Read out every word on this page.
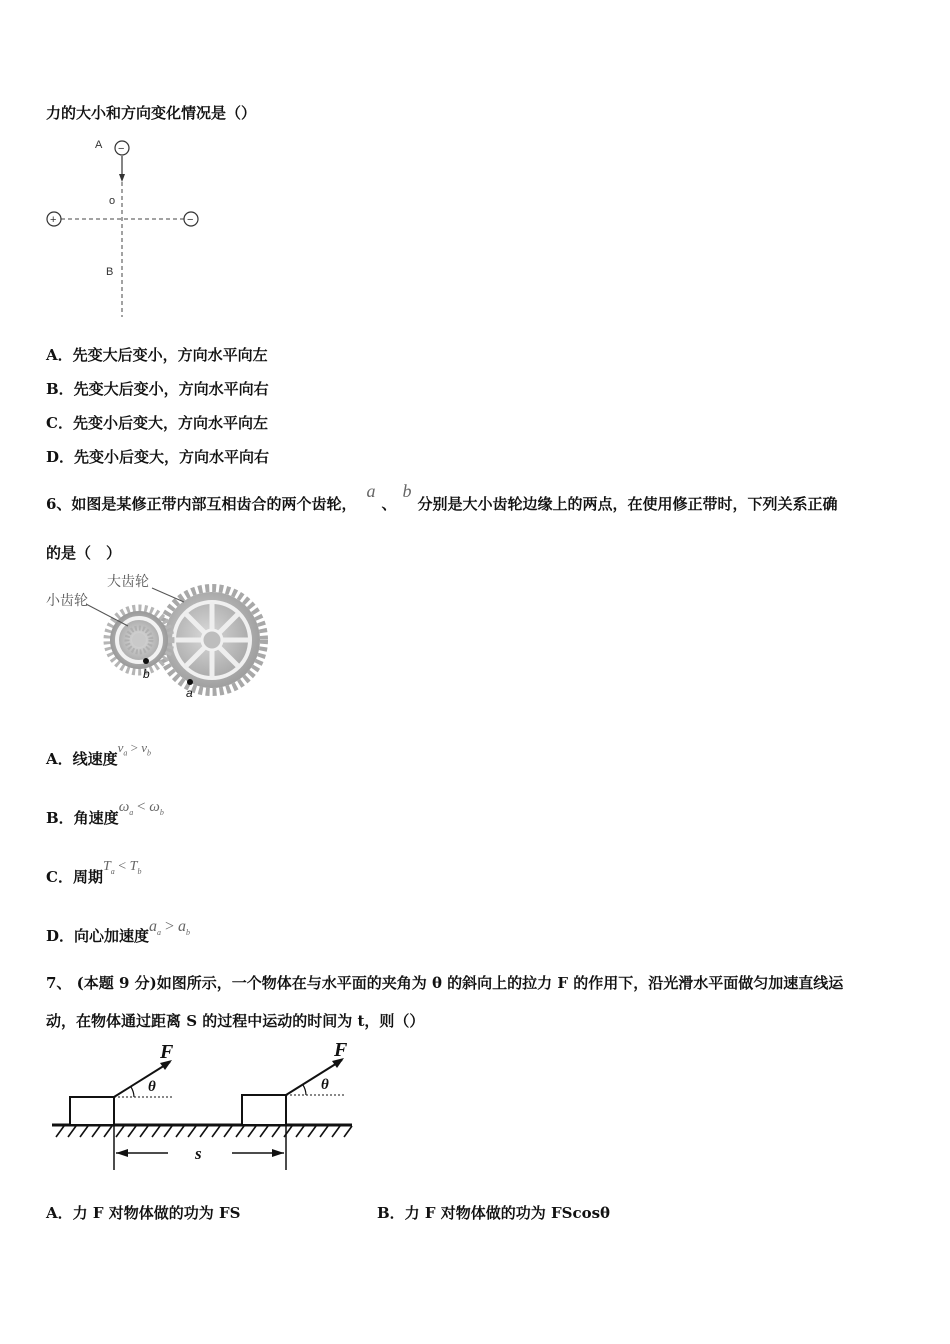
力的大小和方向变化情况是（）
A −
o
B
+	−
A．先变大后变小，方向水平向左
B．先变大后变小，方向水平向右
C．先变小后变大，方向水平向左
D．先变小后变大，方向水平向右
6、如图是某修正带内部互相齿合的两个齿轮，a、b分别是大小齿轮边缘上的两点，在使用修正带时，下列关系正确
的是（　）
小齿轮
大齿轮
b
a
A．线速度$v_a > v_b$
B．角速度$\omega_a < \omega_b$
C．周期$T_a < T_b$
D．向心加速度$a_a > a_b$
7、 (本题 9 分)如图所示，一个物体在与水平面的夹角为 θ 的斜向上的拉力 F 的作用下，沿光滑水平面做匀加速直线运
动，在物体通过距离 S 的过程中运动的时间为 t，则（）
F
θ
F
θ
s
A．力 F 对物体做的功为 FS	B．力 F 对物体做的功为 FScosθ
